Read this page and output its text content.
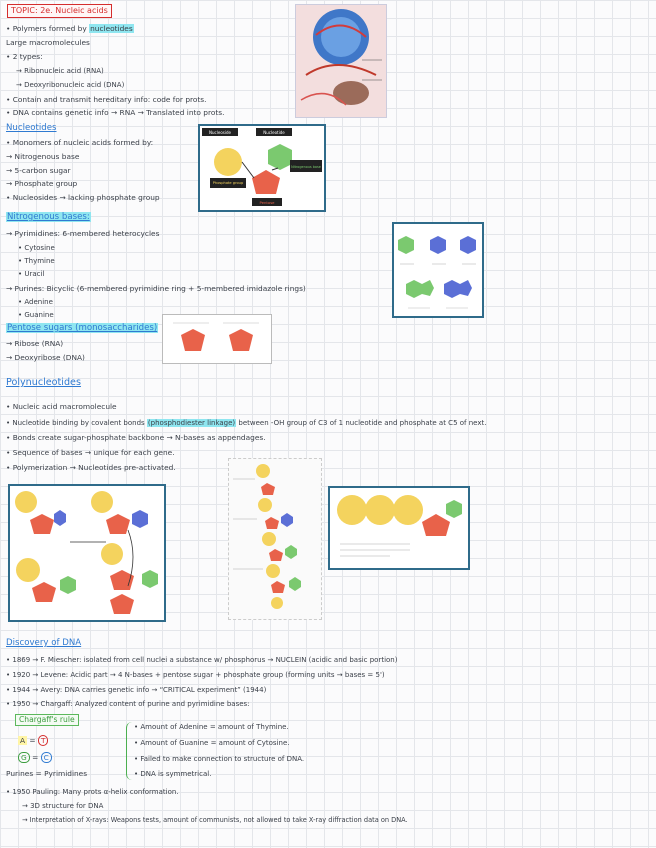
TOPIC: 2e. Nucleic acids
• Polymers formed by nucleotides
Large macromolecules
• 2 types:
→ Ribonucleic acid (RNA)
→ Deoxyribonucleic acid (DNA)
• Contain and transmit hereditary info: code for prots.
• DNA contains genetic info → RNA → Translated into prots.
Nucleotides
• Monomers of nucleic acids formed by:
→ Nitrogenous base
→ 5-carbon sugar
→ Phosphate group
• Nucleosides → lacking phosphate group
Nucleoside	Nucleotide
Phosphate group
Pentose
Nitrogenous base
Nitrogenous bases:
→ Pyrimidines: 6-membered heterocycles
• Cytosine
• Thymine
• Uracil
→ Purines: Bicyclic (6-membered pyrimidine ring + 5-membered imidazole rings)
• Adenine
• Guanine
Pentose sugars (monosaccharides)
→ Ribose (RNA)
→ Deoxyribose (DNA)
Polynucleotides
• Nucleic acid macromolecule
• Nucleotide binding by covalent bonds (phosphodiester linkage) between -OH group of C3 of 1 nucleotide and phosphate at C5 of next.
• Bonds create sugar-phosphate backbone → N-bases as appendages.
• Sequence of bases → unique for each gene.
• Polymerization → Nucleotides pre-activated.
Discovery of DNA
• 1869 → F. Miescher: isolated from cell nuclei a substance w/ phosphorus → NUCLEIN (acidic and basic portion)
• 1920 → Levene: Acidic part → 4 N-bases + pentose sugar + phosphate group (forming units → bases = 5')
• 1944 → Avery: DNA carries genetic info → “CRITICAL experiment” (1944)
• 1950 → Chargaff: Analyzed content of purine and pyrimidine bases:
Chargaff's rule
A = T
G = C
Purines = Pyrimidines
• Amount of Adenine = amount of Thymine.
• Amount of Guanine = amount of Cytosine.
• Failed to make connection to structure of DNA.
• DNA is symmetrical.
• 1950 Pauling: Many prots α-helix conformation.
→ 3D structure for DNA
→ Interpretation of X-rays: Weapons tests, amount of communists, not allowed to take X-ray diffraction data on DNA.
